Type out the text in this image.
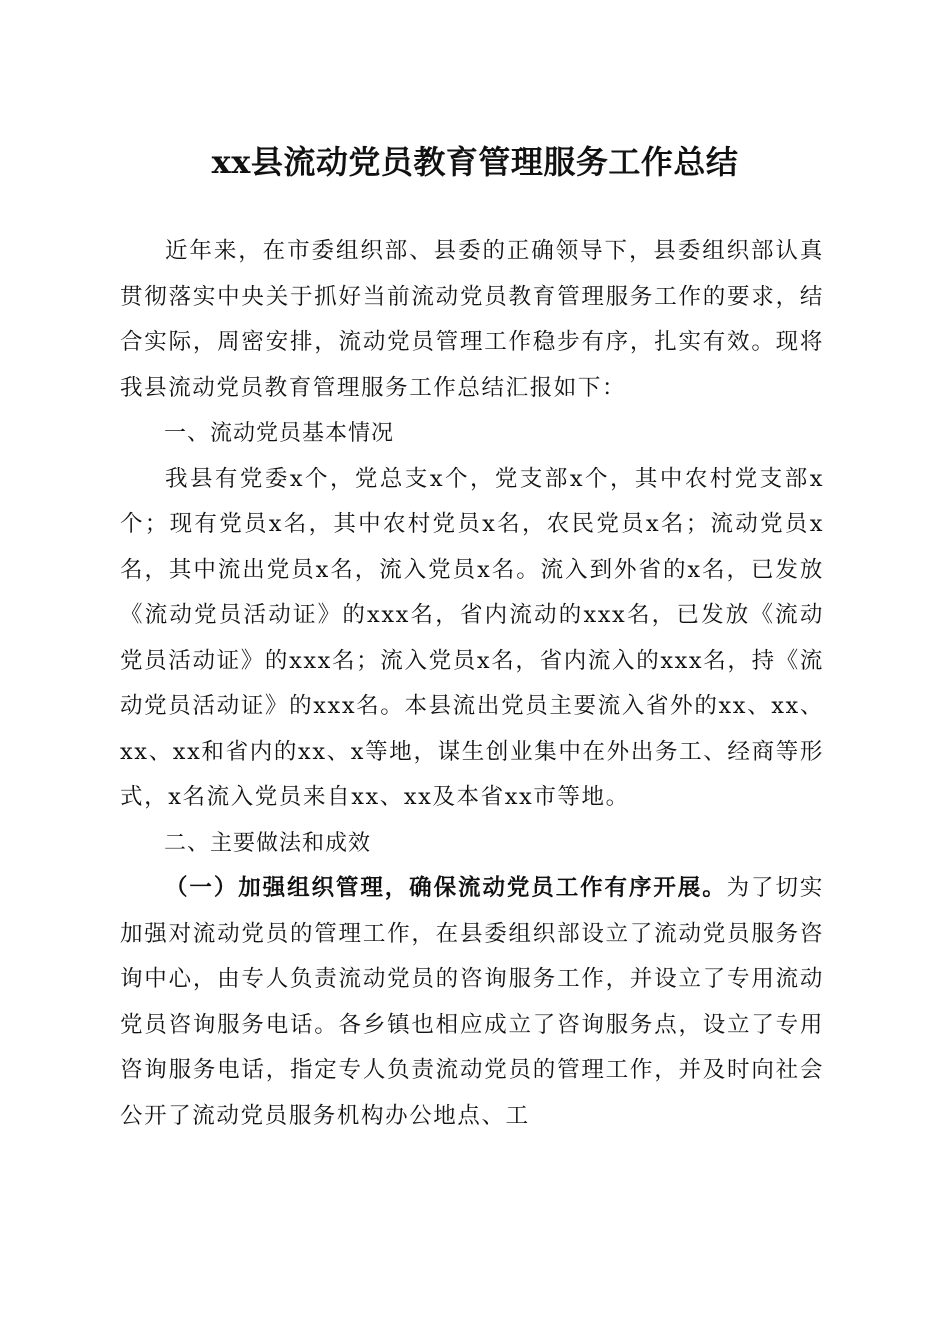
xx县流动党员教育管理服务工作总结

近年来，在市委组织部、县委的正确领导下，县委组织部认真贯彻落实中央关于抓好当前流动党员教育管理服务工作的要求，结合实际，周密安排，流动党员管理工作稳步有序，扎实有效。现将我县流动党员教育管理服务工作总结汇报如下：

一、流动党员基本情况

我县有党委x个，党总支x个，党支部x个，其中农村党支部x个；现有党员x名，其中农村党员x名，农民党员x名；流动党员x名，其中流出党员x名，流入党员x名。流入到外省的x名，已发放《流动党员活动证》的xxx名，省内流动的xxx名，已发放《流动党员活动证》的xxx名；流入党员x名，省内流入的xxx名，持《流动党员活动证》的xxx名。本县流出党员主要流入省外的xx、xx、xx、xx和省内的xx、x等地，谋生创业集中在外出务工、经商等形式，x名流入党员来自xx、xx及本省xx市等地。

二、主要做法和成效

（一）加强组织管理，确保流动党员工作有序开展。为了切实加强对流动党员的管理工作，在县委组织部设立了流动党员服务咨询中心，由专人负责流动党员的咨询服务工作，并设立了专用流动党员咨询服务电话。各乡镇也相应成立了咨询服务点，设立了专用咨询服务电话，指定专人负责流动党员的管理工作，并及时向社会公开了流动党员服务机构办公地点、工
